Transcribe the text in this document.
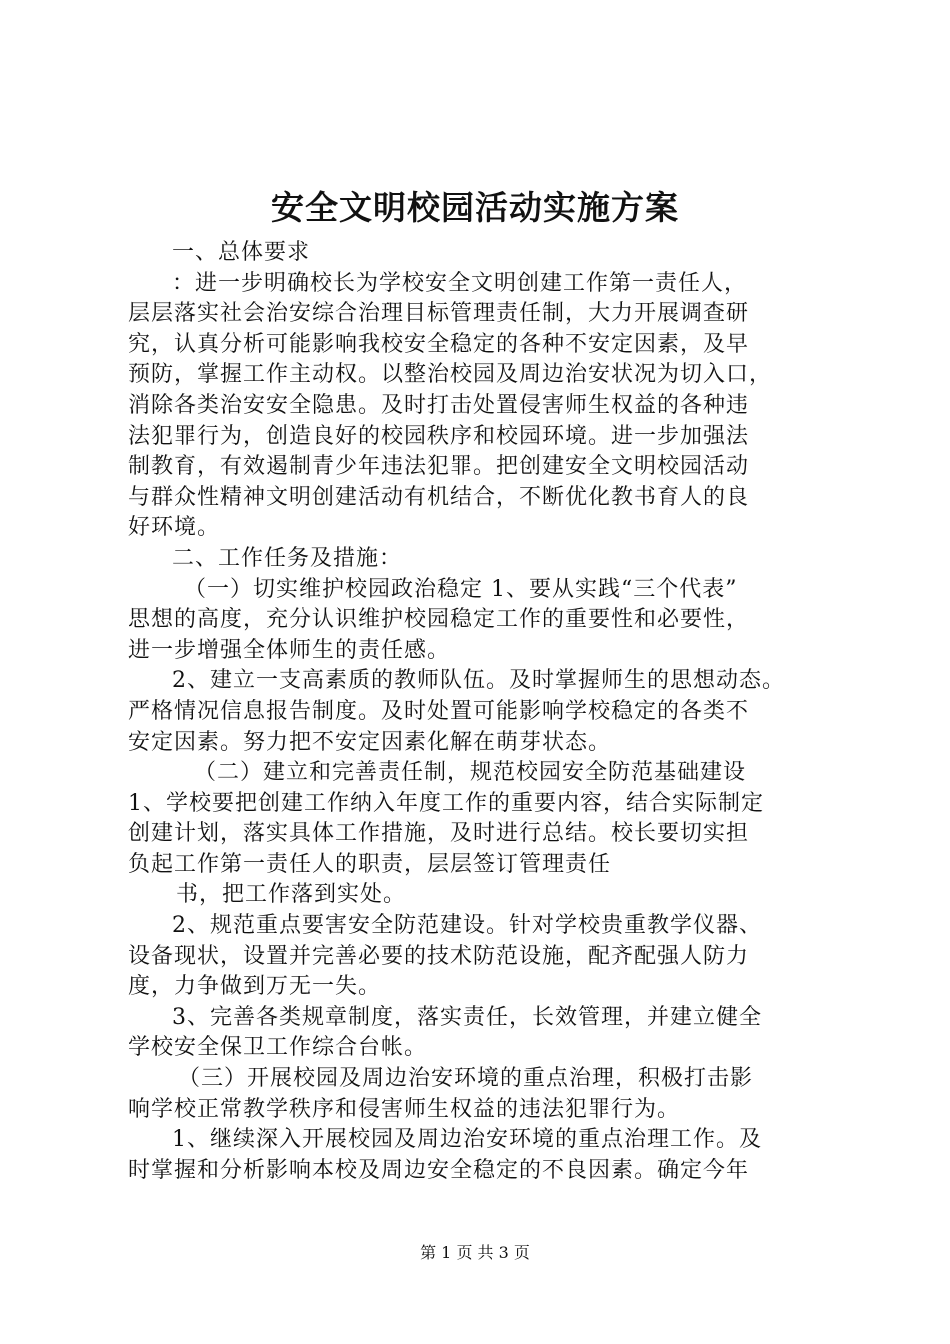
安全文明校园活动实施方案
一、总体要求
：进一步明确校长为学校安全文明创建工作第一责任人，
层层落实社会治安综合治理目标管理责任制，大力开展调查研
究，认真分析可能影响我校安全稳定的各种不安定因素，及早
预防，掌握工作主动权。以整治校园及周边治安状况为切入口，
消除各类治安安全隐患。及时打击处置侵害师生权益的各种违
法犯罪行为，创造良好的校园秩序和校园环境。进一步加强法
制教育，有效遏制青少年违法犯罪。把创建安全文明校园活动
与群众性精神文明创建活动有机结合，不断优化教书育人的良
好环境。
二、工作任务及措施：
（一）切实维护校园政治稳定 1、要从实践“三个代表”
思想的高度，充分认识维护校园稳定工作的重要性和必要性，
进一步增强全体师生的责任感。
2、建立一支高素质的教师队伍。及时掌握师生的思想动态。
严格情况信息报告制度。及时处置可能影响学校稳定的各类不
安定因素。努力把不安定因素化解在萌芽状态。
（二）建立和完善责任制，规范校园安全防范基础建设
1、学校要把创建工作纳入年度工作的重要内容，结合实际制定
创建计划，落实具体工作措施，及时进行总结。校长要切实担
负起工作第一责任人的职责，层层签订管理责任
书，把工作落到实处。
2、规范重点要害安全防范建设。针对学校贵重教学仪器、
设备现状，设置并完善必要的技术防范设施，配齐配强人防力
度，力争做到万无一失。
3、完善各类规章制度，落实责任，长效管理，并建立健全
学校安全保卫工作综合台帐。
（三）开展校园及周边治安环境的重点治理，积极打击影
响学校正常教学秩序和侵害师生权益的违法犯罪行为。
1、继续深入开展校园及周边治安环境的重点治理工作。及
时掌握和分析影响本校及周边安全稳定的不良因素。确定今年
第 1 页 共 3 页
